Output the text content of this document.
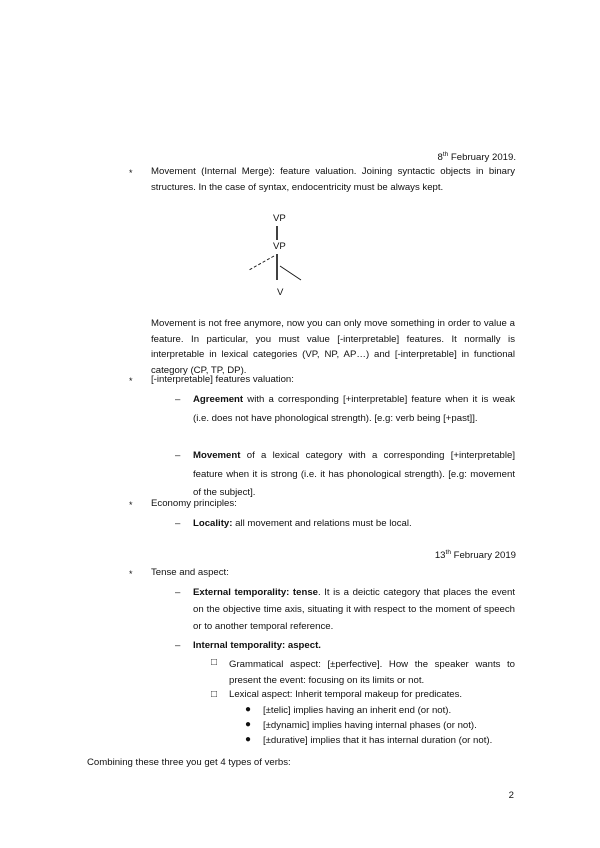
8th February 2019.
* Movement (Internal Merge): feature valuation. Joining syntactic objects in binary structures. In the case of syntax, endocentricity must be always kept.
VP
VP
V
Movement is not free anymore, now you can only move something in order to value a feature. In particular, you must value [-interpretable] features. It normally is interpretable in lexical categories (VP, NP, AP…) and [-interpretable] in functional category (CP, TP, DP).
* [-interpretable] features valuation:
– Agreement with a corresponding [+interpretable] feature when it is weak (i.e. does not have phonological strength). [e.g: verb being [+past]].
– Movement of a lexical category with a corresponding [+interpretable] feature when it is strong (i.e. it has phonological strength). [e.g: movement of the subject].
* Economy principles:
– Locality: all movement and relations must be local.
13th February 2019
* Tense and aspect:
– External temporality: tense. It is a deictic category that places the event on the objective time axis, situating it with respect to the moment of speech or to another temporal reference.
– Internal temporality: aspect.
□ Grammatical aspect: [±perfective]. How the speaker wants to present the event: focusing on its limits or not.
□ Lexical aspect: Inherit temporal makeup for predicates.
● [±telic] implies having an inherit end (or not).
● [±dynamic] implies having internal phases (or not).
● [±durative] implies that it has internal duration (or not).
Combining these three you get 4 types of verbs:
2
